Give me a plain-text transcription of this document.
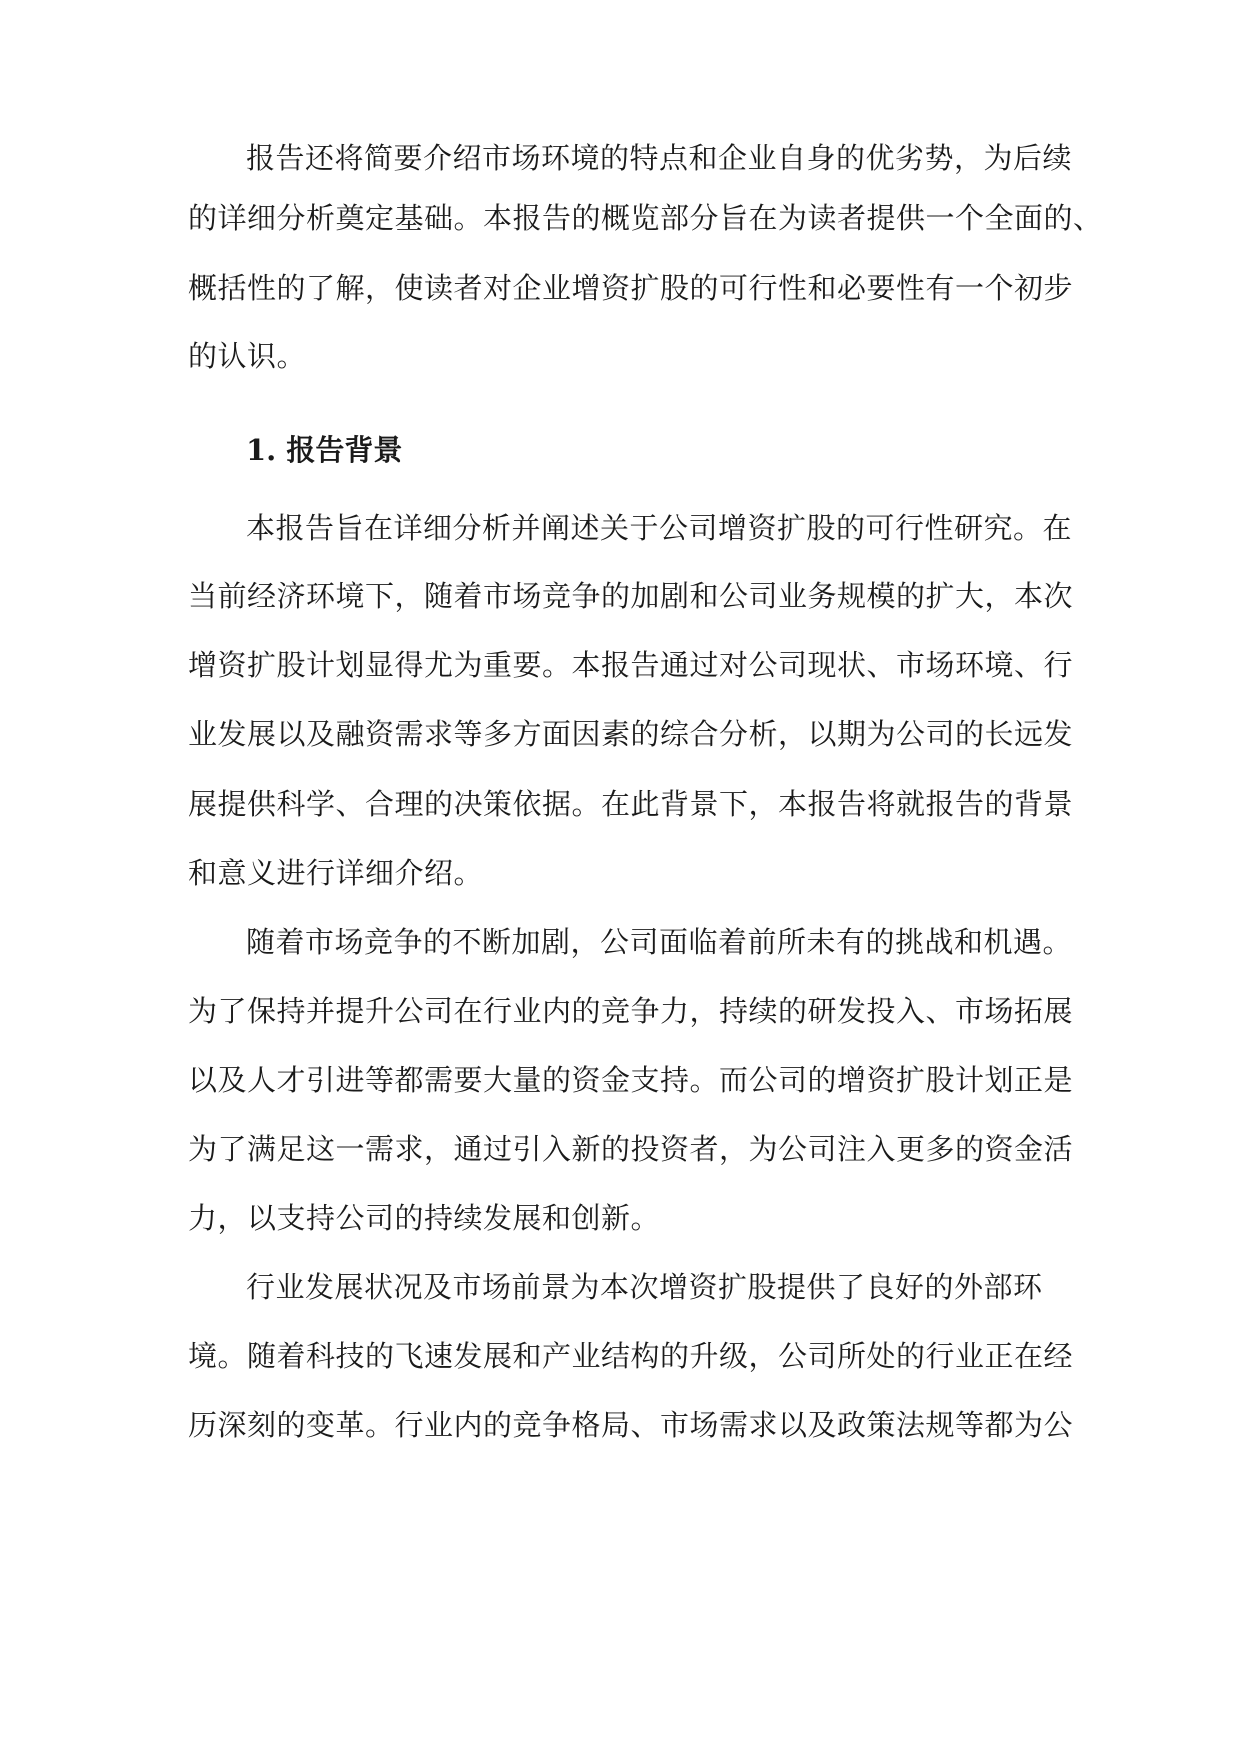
报告还将简要介绍市场环境的特点和企业自身的优劣势，为后续
的详细分析奠定基础。本报告的概览部分旨在为读者提供一个全面的、
概括性的了解，使读者对企业增资扩股的可行性和必要性有一个初步
的认识。
1. 报告背景
本报告旨在详细分析并阐述关于公司增资扩股的可行性研究。在
当前经济环境下，随着市场竞争的加剧和公司业务规模的扩大，本次
增资扩股计划显得尤为重要。本报告通过对公司现状、市场环境、行
业发展以及融资需求等多方面因素的综合分析，以期为公司的长远发
展提供科学、合理的决策依据。在此背景下，本报告将就报告的背景
和意义进行详细介绍。
随着市场竞争的不断加剧，公司面临着前所未有的挑战和机遇。
为了保持并提升公司在行业内的竞争力，持续的研发投入、市场拓展
以及人才引进等都需要大量的资金支持。而公司的增资扩股计划正是
为了满足这一需求，通过引入新的投资者，为公司注入更多的资金活
力，以支持公司的持续发展和创新。
行业发展状况及市场前景为本次增资扩股提供了良好的外部环
境。随着科技的飞速发展和产业结构的升级，公司所处的行业正在经
历深刻的变革。行业内的竞争格局、市场需求以及政策法规等都为公
